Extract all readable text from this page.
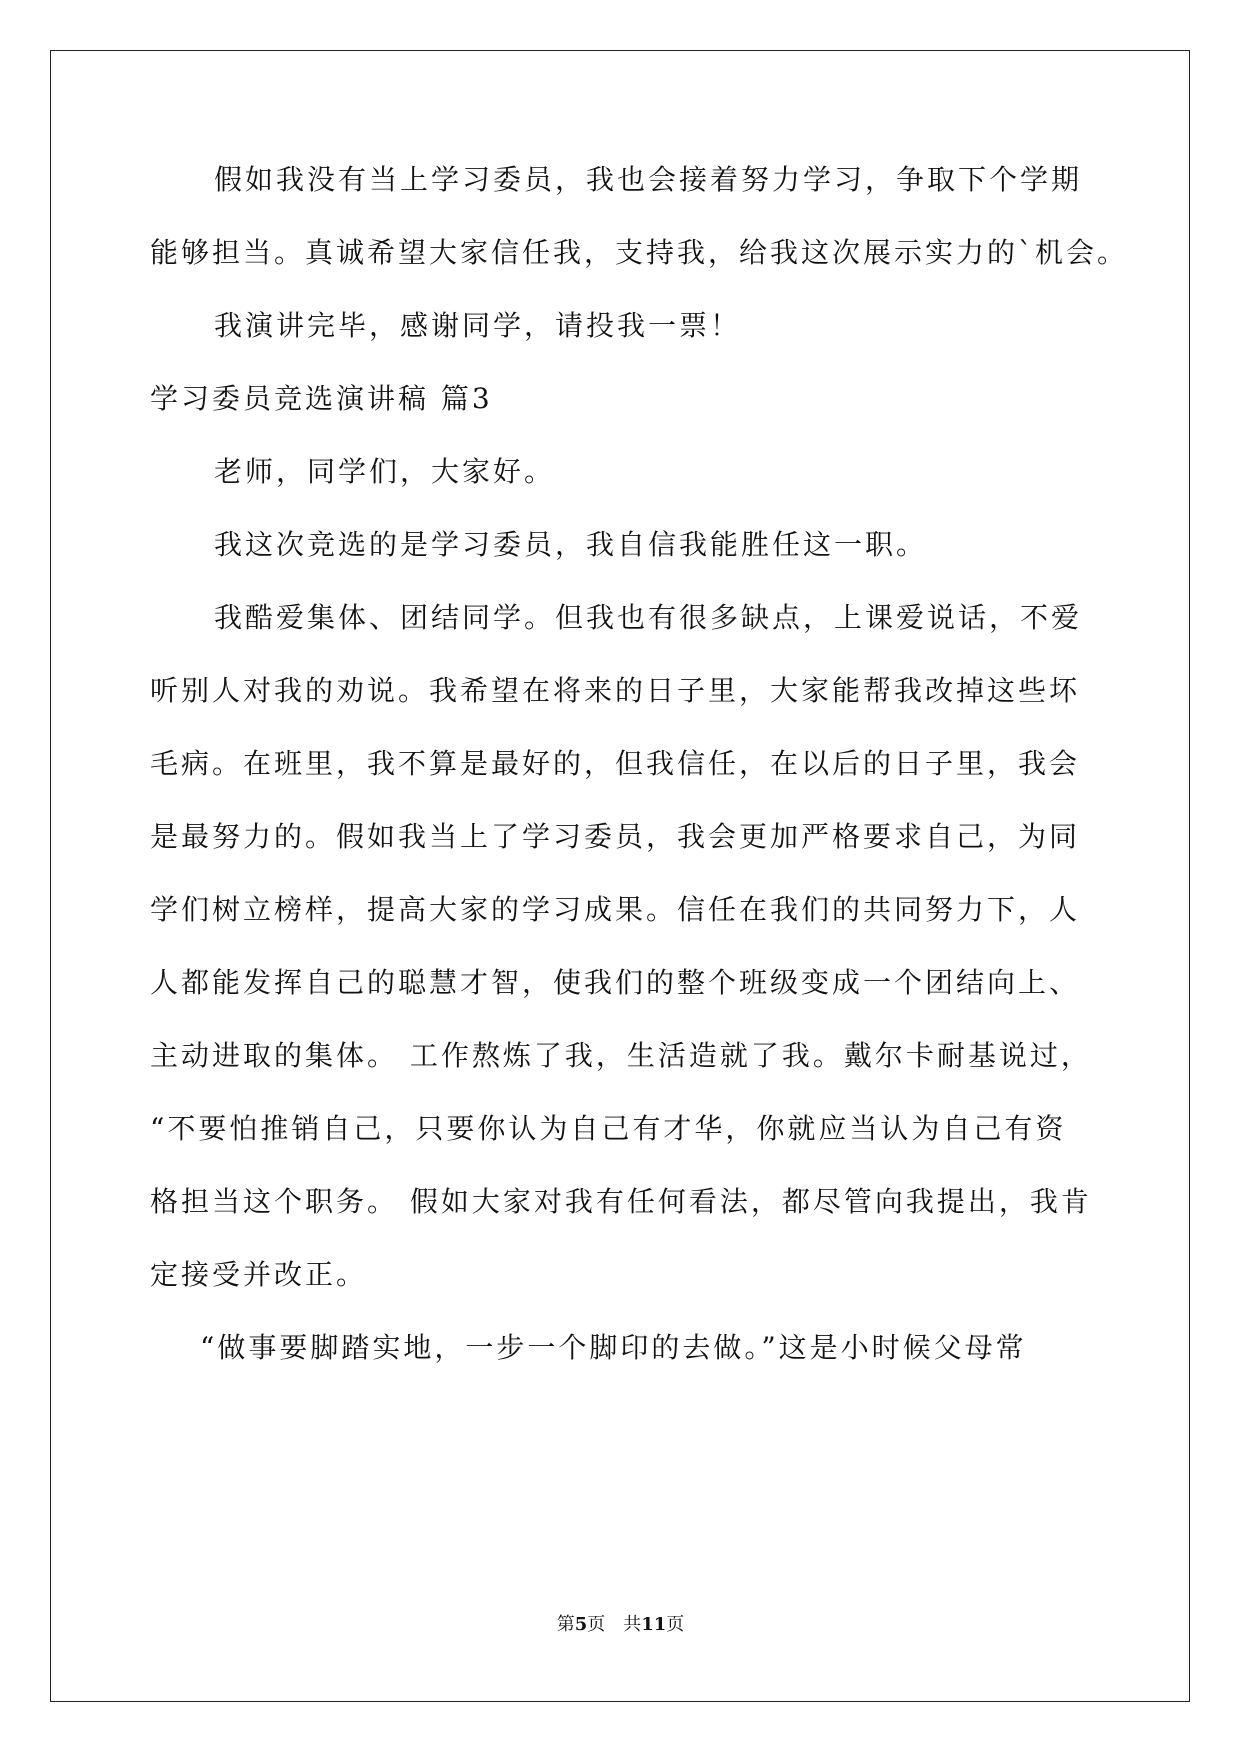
假如我没有当上学习委员，我也会接着努力学习，争取下个学期
能够担当。真诚希望大家信任我，支持我，给我这次展示实力的`机会。
我演讲完毕，感谢同学，请投我一票！
学习委员竞选演讲稿 篇3
老师，同学们，大家好。
我这次竞选的是学习委员，我自信我能胜任这一职。
我酷爱集体、团结同学。但我也有很多缺点，上课爱说话，不爱
听别人对我的劝说。我希望在将来的日子里，大家能帮我改掉这些坏
毛病。在班里，我不算是最好的，但我信任，在以后的日子里，我会
是最努力的。假如我当上了学习委员，我会更加严格要求自己，为同
学们树立榜样，提高大家的学习成果。信任在我们的共同努力下，人
人都能发挥自己的聪慧才智，使我们的整个班级变成一个团结向上、
主动进取的集体。 工作熬炼了我，生活造就了我。戴尔卡耐基说过，
“不要怕推销自己，只要你认为自己有才华，你就应当认为自己有资
格担当这个职务。 假如大家对我有任何看法，都尽管向我提出，我肯
定接受并改正。
“做事要脚踏实地，一步一个脚印的去做。”这是小时候父母常
第5页　共11页
